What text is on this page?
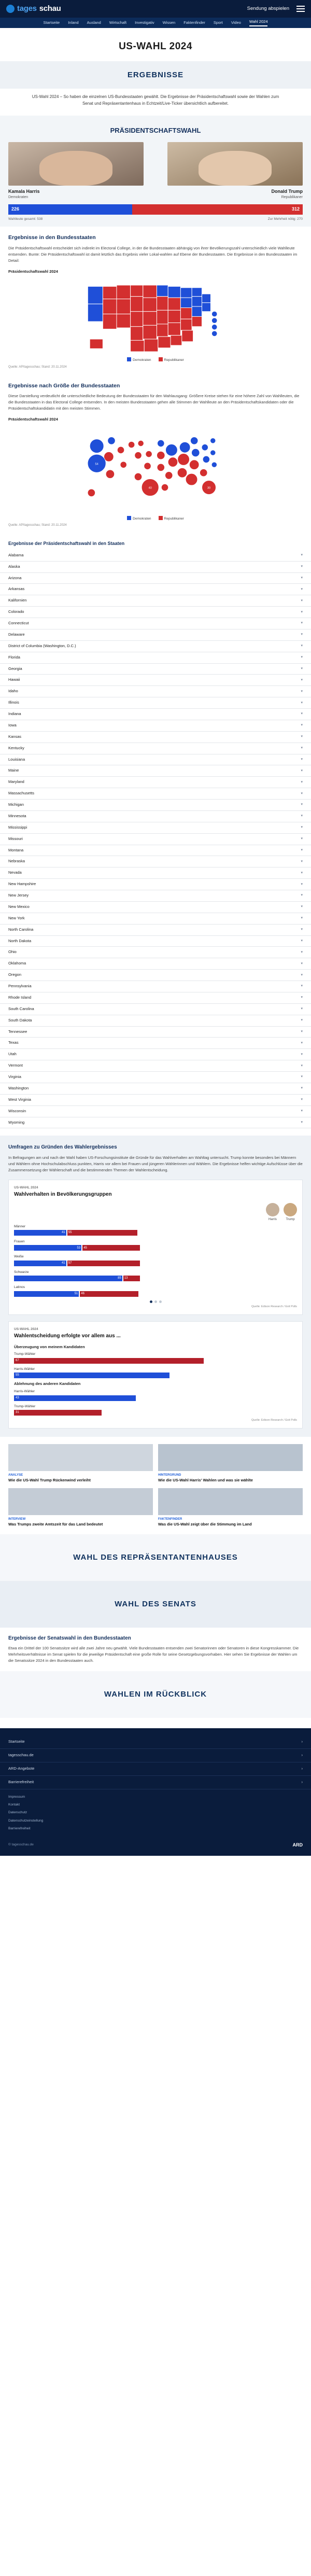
tages schau	Sendung abspielen
Startseite Inland Ausland Wirtschaft Investigativ Wissen Faktenfinder Sport Video Wahl 2024
US-WAHL 2024
ERGEBNISSE
US-Wahl 2024 – So haben die einzelnen US-Bundesstaaten gewählt. Die Ergebnisse der Präsidentschaftswahl sowie der Wahlen zum Senat und Repräsentantenhaus in Echtzeit/Live-Ticker übersichtlich aufbereitet.
PRÄSIDENTSCHAFTSWAHL
Kamala Harris
Demokraten
Donald Trump
Republikaner
226	312
Wahlleute gesamt: 538	Zur Mehrheit nötig: 270
Ergebnisse in den Bundesstaaten

Die Präsidentschaftswahl entscheidet sich indirekt im Electoral College, in der die Bundesstaaten abhängig von ihrer Bevölkerungszahl unterschiedlich viele Wahlleute entsenden. Bunte: Die Präsidentschaftswahl ist damit letztlich das Ergebnis vieler Lokal-wahlen auf Ebene der Bundesstaaten. Die Ergebnisse in den Bundesstaaten im Detail:

Präsidentschaftswahl 2024
Demokraten	Republikaner
Quelle: AP/tagesschau; Stand: 20.11.2024
Ergebnisse nach Größe der Bundesstaaten

Diese Darstellung verdeutlicht die unterschiedliche Bedeutung der Bundesstaaten für den Wahlausgang: Größere Kreise stehen für eine höhere Zahl von Wahlleuten, die die Bundesstaaten in das Electoral College entsenden. In den meisten Bundesstaaten gehen alle Stimmen der Wahlleute an den Präsidentschaftskandidaten oder die Präsidentschaftskandidatin mit den meisten Stimmen.

Präsidentschaftswahl 2024
54
40	30
Demokraten	Republikaner
Quelle: AP/tagesschau; Stand: 20.11.2024
Ergebnisse der Präsidentschaftswahl in den Staaten
Alabama	▾
Alaska	▾
Arizona	▾
Arkansas	▾
Kalifornien	▾
Colorado	▾
Connecticut	▾
Delaware	▾
District of Columbia (Washington, D.C.)	▾
Florida	▾
Georgia	▾
Hawaii	▾
Idaho	▾
Illinois	▾
Indiana	▾
Iowa	▾
Kansas	▾
Kentucky	▾
Louisiana	▾
Maine	▾
Maryland	▾
Massachusetts	▾
Michigan	▾
Minnesota	▾
Mississippi	▾
Missouri	▾
Montana	▾
Nebraska	▾
Nevada	▾
New Hampshire	▾
New Jersey	▾
New Mexico	▾
New York	▾
North Carolina	▾
North Dakota	▾
Ohio	▾
Oklahoma	▾
Oregon	▾
Pennsylvania	▾
Rhode Island	▾
South Carolina	▾
South Dakota	▾
Tennessee	▾
Texas	▾
Utah	▾
Vermont	▾
Virginia	▾
Washington	▾
West Virginia	▾
Wisconsin	▾
Wyoming	▾
Umfragen zu Gründen des Wahlergebnisses

In Befragungen am und nach der Wahl haben US-Forschungsinstitute die Gründe für das Wahlverhalten am Wahltag untersucht. Trump konnte besonders bei Männern und Wählern ohne Hochschulabschluss punkten, Harris vor allem bei Frauen und jüngeren Wählerinnen und Wählern. Die Ergebnisse helfen wichtige Aufschlüsse über die Zusammensetzung der Wählerschaft und die bestimmenden Themen der Wahlentscheidung.

US-WAHL 2024
Wahlverhalten in Bevölkerungsgruppen
Harris	Trump
Männer
41	55
Frauen
53	45
Weiße
41	57
Schwarze
85	13
Latinos
51	46
Quelle: Edison Research / Exit Polls
US-WAHL 2024
Wahlentscheidung erfolgte vor allem aus ...
Überzeugung von meinem Kandidaten
Trump-Wähler
67
Harris-Wähler
55
Ablehnung des anderen Kandidaten
Harris-Wähler
43
Trump-Wähler
31
Quelle: Edison Research / Exit Polls
ANALYSE
Wie die US-Wahl Trump Rückenwind verleiht
HINTERGRUND
Wie die US-Wahl Harris' Wahlen und was sie wählte
INTERVIEW
Was Trumps zweite Amtszeit für das Land bedeutet
FAKTENFINDER
Was die US-Wahl zeigt über die Stimmung im Land
WAHL DES REPRÄSENTANTENHAUSES
WAHL DES SENATS
Ergebnisse der Senatswahl in den Bundesstaaten

Etwa ein Drittel der 100 Senatssitze wird alle zwei Jahre neu gewählt. Viele Bundesstaaten entsenden zwei Senatorinnen oder Senatoren in diese Kongresskammer. Die Mehrheitsverhältnisse im Senat spielen für die jeweilige Präsidentschaft eine große Rolle für seine Gesetzgebungsvorhaben. Hier sehen Sie Ergebnisse der Wahlen um die Senatssitze 2024 in den Bundesstaaten auch.

WAHLEN IM RÜCKBLICK
Startseite	›
tagesschau.de	›
ARD-Angebote	›
Barrierefreiheit	›
Impressum
Kontakt
Datenschutz
Datenschutzeinstellung
Barrierefreiheit
© tagesschau.de	ARD
